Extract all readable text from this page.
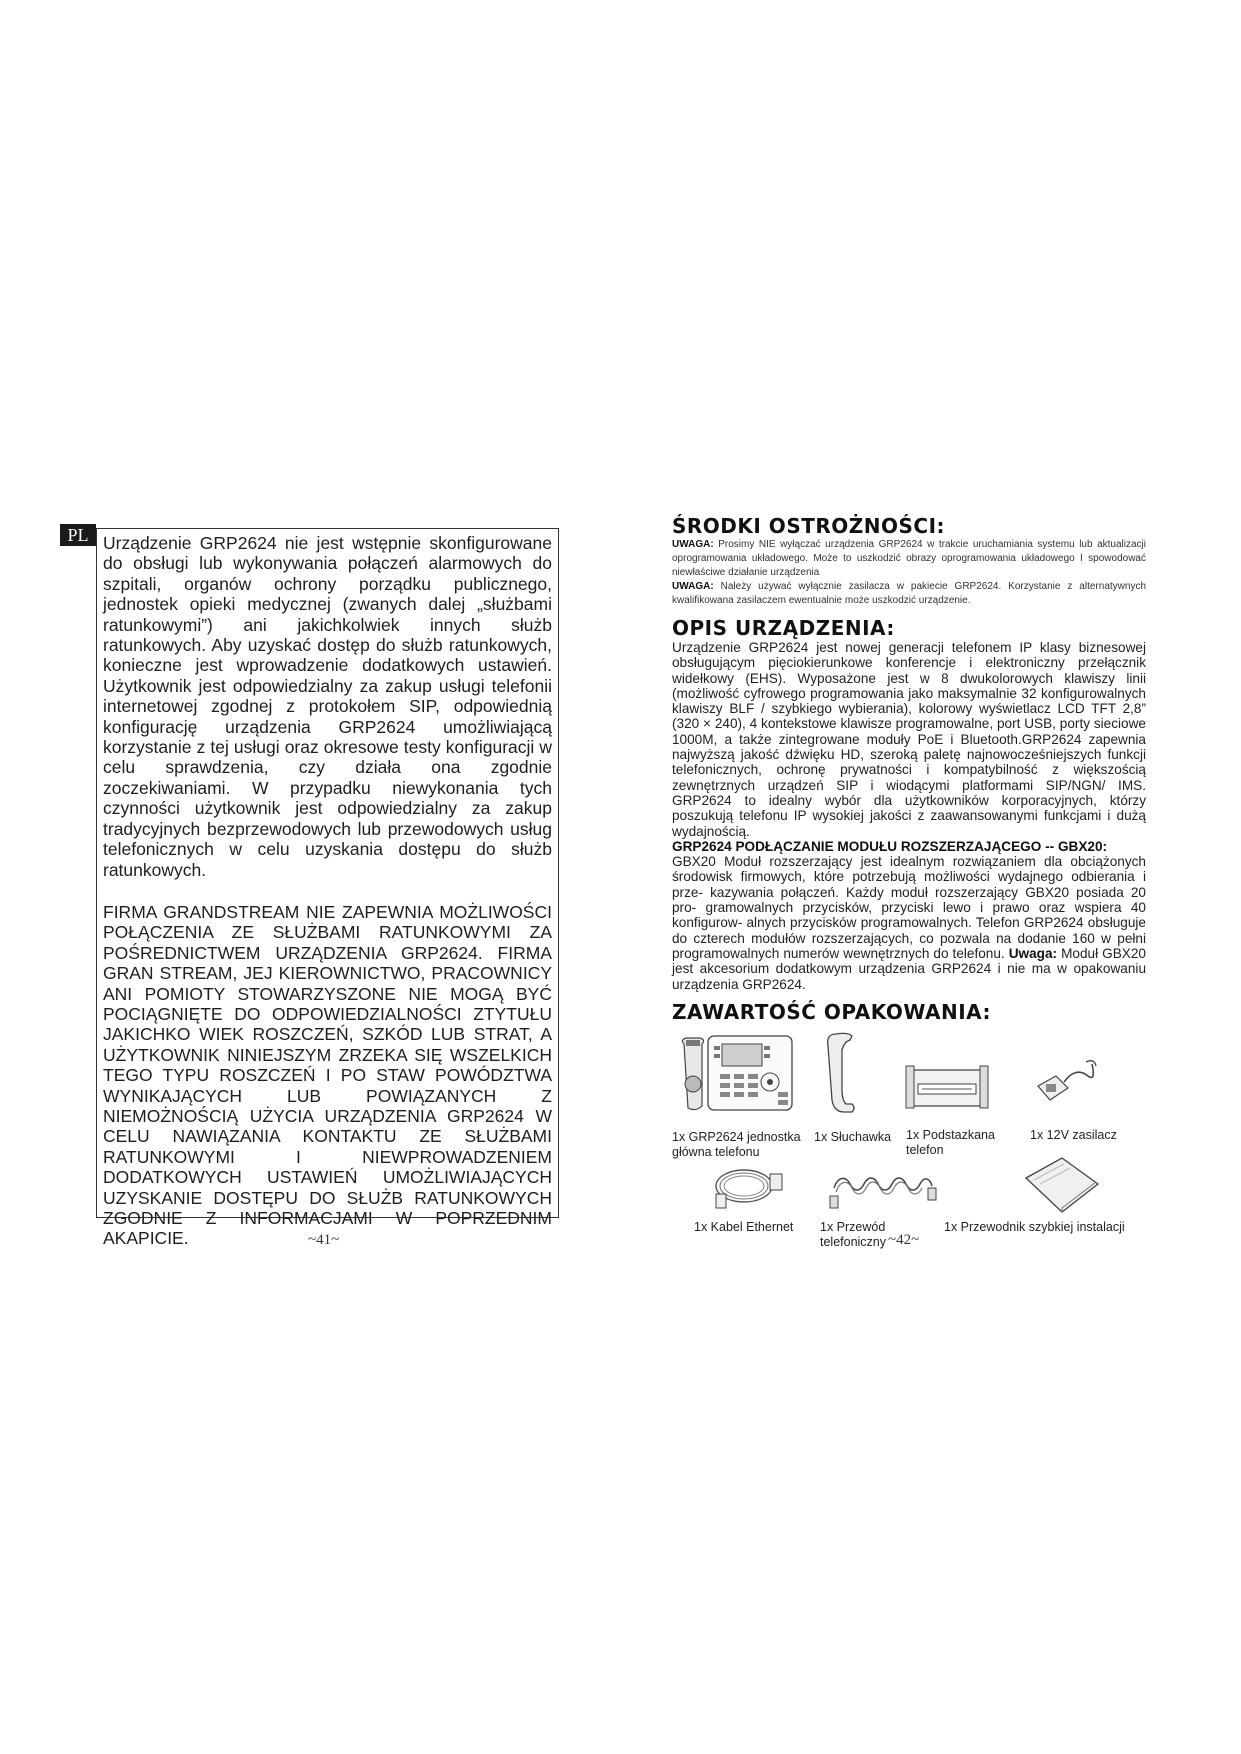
PL Urządzenie GRP2624 nie jest wstępnie skonfigurowane do obsługi lub wykonywania połączeń alarmowych do szpitali, organów ochrony porządku publicznego, jednostek opieki medycznej (zwanych dalej „służbami ratunkowymi”) ani jakichkolwiek innych służb ratunkowych. Aby uzyskać dostęp do służb ratunkowych, konieczne jest wprowadzenie dodatkowych ustawień. Użytkownik jest odpowiedzialny za zakup usługi telefonii internetowej zgodnej z protokołem SIP, odpowiednią konfigurację urządzenia GRP2624 umożliwiającą korzystanie z tej usługi oraz okresowe testy konfiguracji w celu sprawdzenia, czy działa ona zgodnie zoczekiwaniami. W przypadku niewykonania tych czynności użytkownik jest odpowiedzialny za zakup tradycyjnych bezprzewodowych lub przewodowych usług telefonicznych w celu uzyskania dostępu do służb ratunkowych.

FIRMA GRANDSTREAM NIE ZAPEWNIA MOŻLIWOŚCI POŁĄCZENIA ZE SŁUŻBAMI RATUNKOWYMI ZA POŚREDNICTWEM URZĄDZENIA GRP2624. FIRMA GRAN STREAM, JEJ KIEROWNICTWO, PRACOWNICY ANI POMIOTY STOWARZYSZONE NIE MOGĄ BYĆ POCIĄGNIĘTE DO ODPOWIEDZIALNOŚCI ZTYTUŁU JAKICHKO WIEK ROSZCZEŃ, SZKÓD LUB STRAT, A UŻYTKOWNIK NINIEJSZYM ZRZEKA SIĘ WSZELKICH TEGO TYPU ROSZCZEŃ I PO STAW POWÓDZTWA WYNIKAJĄCYCH LUB POWIĄZANYCH Z NIEMOŻNOŚCIĄ UŻYCIA URZĄDZENIA GRP2624 W CELU NAWIĄZANIA KONTAKTU ZE SŁUŻBAMI RATUNKOWYMI I NIEWPROWADZENIEM DODATKOWYCH USTAWIEŃ UMOŻLIWIAJĄCYCH UZYSKANIE DOSTĘPU DO SŁUŻB RATUNKOWYCH ZGODNIE Z INFORMACJAMI W POPRZEDNIM AKAPICIE.	~41~
ŚRODKI OSTROŻNOŚCI:

UWAGA: Prosimy NIE wyłączać urządzenia GRP2624 w trakcie uruchamiania systemu lub aktualizacji oprogramowania układowego. Może to uszkodzić obrazy oprogramowania układowego I spowodować niewłaściwe działanie urządzenia

UWAGA: Należy używać wyłącznie zasilacza w pakiecie GRP2624. Korzystanie z alternatywnych kwalifikowana zasilaczem ewentualnie może uszkodzić urządzenie.

OPIS URZĄDZENIA:

Urządzenie GRP2624 jest nowej generacji telefonem IP klasy biznesowej obsługującym pięciokierunkowe konferencje i elektroniczny przełącznik widełkowy (EHS). Wyposażone jest w 8 dwukolorowych klawiszy linii (możliwość cyfrowego programowania jako maksymalnie 32 konfigurowalnych klawiszy BLF / szybkiego wybierania), kolorowy wyświetlacz LCD TFT 2,8” (320 × 240), 4 kontekstowe klawisze programowalne, port USB, porty sieciowe 1000M, a także zintegrowane moduły PoE i Bluetooth.GRP2624 zapewnia najwyższą jakość dźwięku HD, szeroką paletę najnowocześniejszych funkcji telefonicznych, ochronę prywatności i kompatybilność z większością zewnętrznych urządzeń SIP i wiodącymi platformami SIP/NGN/ IMS. GRP2624 to idealny wybór dla użytkowników korporacyjnych, którzy poszukują telefonu IP wysokiej jakości z zaawansowanymi funkcjami i dużą wydajnością.

GRP2624 PODŁĄCZANIE MODUŁU ROZSZERZAJĄCEGO -- GBX20:

GBX20 Moduł rozszerzający jest idealnym rozwiązaniem dla obciążonych środowisk firmowych, które potrzebują możliwości wydajnego odbierania i prze- kazywania połączeń. Każdy moduł rozszerzający GBX20 posiada 20 pro- gramowalnych przycisków, przyciski lewo i prawo oraz wspiera 40 konfigurow- alnych przycisków programowalnych. Telefon GRP2624 obsługuje do czterech modułów rozszerzających, co pozwala na dodanie 160 w pełni programowalnych numerów wewnętrznych do telefonu. Uwaga: Moduł GBX20 jest akcesorium dodatkowym urządzenia GRP2624 i nie ma w opakowaniu urządzenia GRP2624.

ZAWARTOŚĆ OPAKOWANIA:
1x GRP2624 jednostka główna telefonu
1x Słuchawka	1x Podstazkana telefon
1x 12V zasilacz
1x Kabel Ethernet	1x Przewód telefoniczny
1x Przewodnik szybkiej instalacji
~42~
